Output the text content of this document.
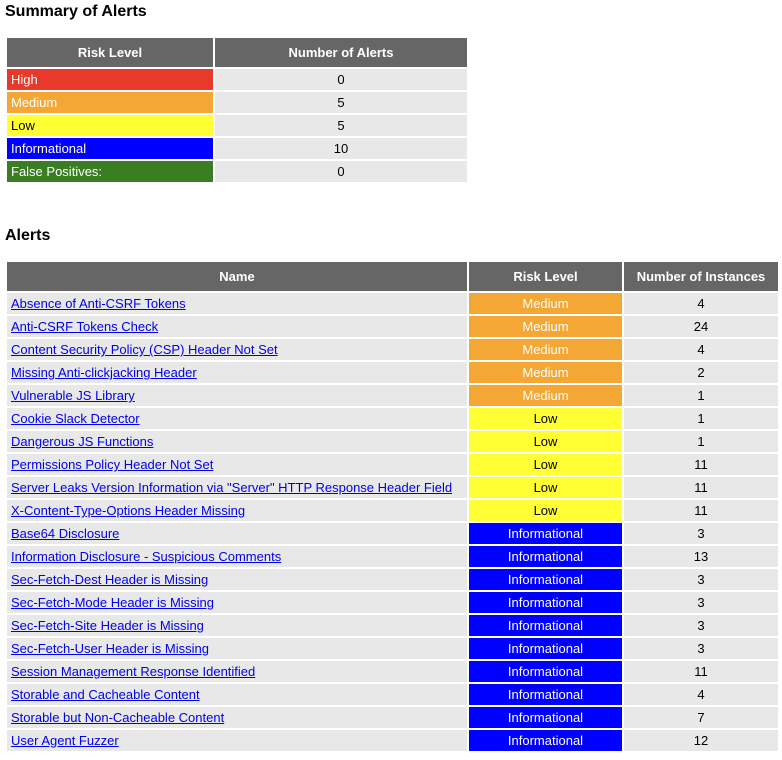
Summary of Alerts
Risk Level	Number of Alerts
High	0
Medium	5
Low	5
Informational	10
False Positives:	0
Alerts
Name	Risk Level	Number of Instances
Absence of Anti-CSRF Tokens	Medium	4
Anti-CSRF Tokens Check	Medium	24
Content Security Policy (CSP) Header Not Set	Medium	4
Missing Anti-clickjacking Header	Medium	2
Vulnerable JS Library	Medium	1
Cookie Slack Detector	Low	1
Dangerous JS Functions	Low	1
Permissions Policy Header Not Set	Low	11
Server Leaks Version Information via "Server" HTTP Response Header Field	Low	11
X-Content-Type-Options Header Missing	Low	11
Base64 Disclosure	Informational	3
Information Disclosure - Suspicious Comments	Informational	13
Sec-Fetch-Dest Header is Missing	Informational	3
Sec-Fetch-Mode Header is Missing	Informational	3
Sec-Fetch-Site Header is Missing	Informational	3
Sec-Fetch-User Header is Missing	Informational	3
Session Management Response Identified	Informational	11
Storable and Cacheable Content	Informational	4
Storable but Non-Cacheable Content	Informational	7
User Agent Fuzzer	Informational	12
